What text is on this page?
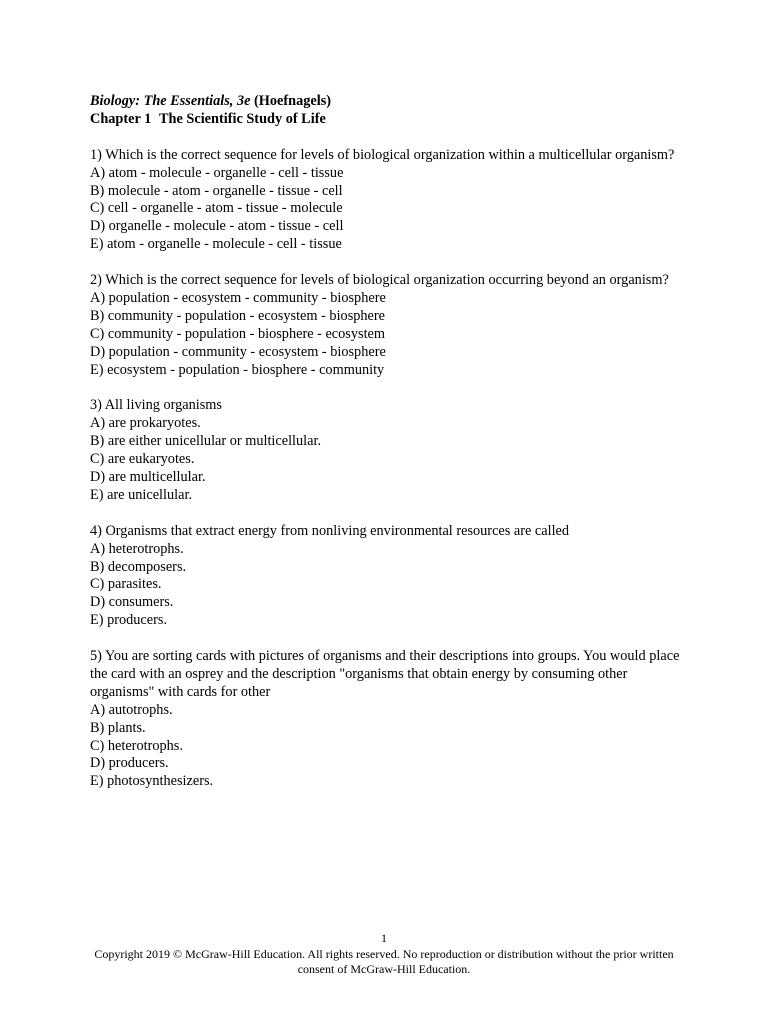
Biology: The Essentials, 3e (Hoefnagels)
Chapter 1 The Scientific Study of Life
1) Which is the correct sequence for levels of biological organization within a multicellular organism?
A) atom - molecule - organelle - cell - tissue
B) molecule - atom - organelle - tissue - cell
C) cell - organelle - atom - tissue - molecule
D) organelle - molecule - atom - tissue - cell
E) atom - organelle - molecule - cell - tissue
2) Which is the correct sequence for levels of biological organization occurring beyond an organism?
A) population - ecosystem - community - biosphere
B) community - population - ecosystem - biosphere
C) community - population - biosphere - ecosystem
D) population - community - ecosystem - biosphere
E) ecosystem - population - biosphere - community
3) All living organisms
A) are prokaryotes.
B) are either unicellular or multicellular.
C) are eukaryotes.
D) are multicellular.
E) are unicellular.
4) Organisms that extract energy from nonliving environmental resources are called
A) heterotrophs.
B) decomposers.
C) parasites.
D) consumers.
E) producers.
5) You are sorting cards with pictures of organisms and their descriptions into groups. You would place the card with an osprey and the description "organisms that obtain energy by consuming other organisms" with cards for other
A) autotrophs.
B) plants.
C) heterotrophs.
D) producers.
E) photosynthesizers.
1
Copyright 2019 © McGraw-Hill Education. All rights reserved. No reproduction or distribution without the prior written consent of McGraw-Hill Education.
